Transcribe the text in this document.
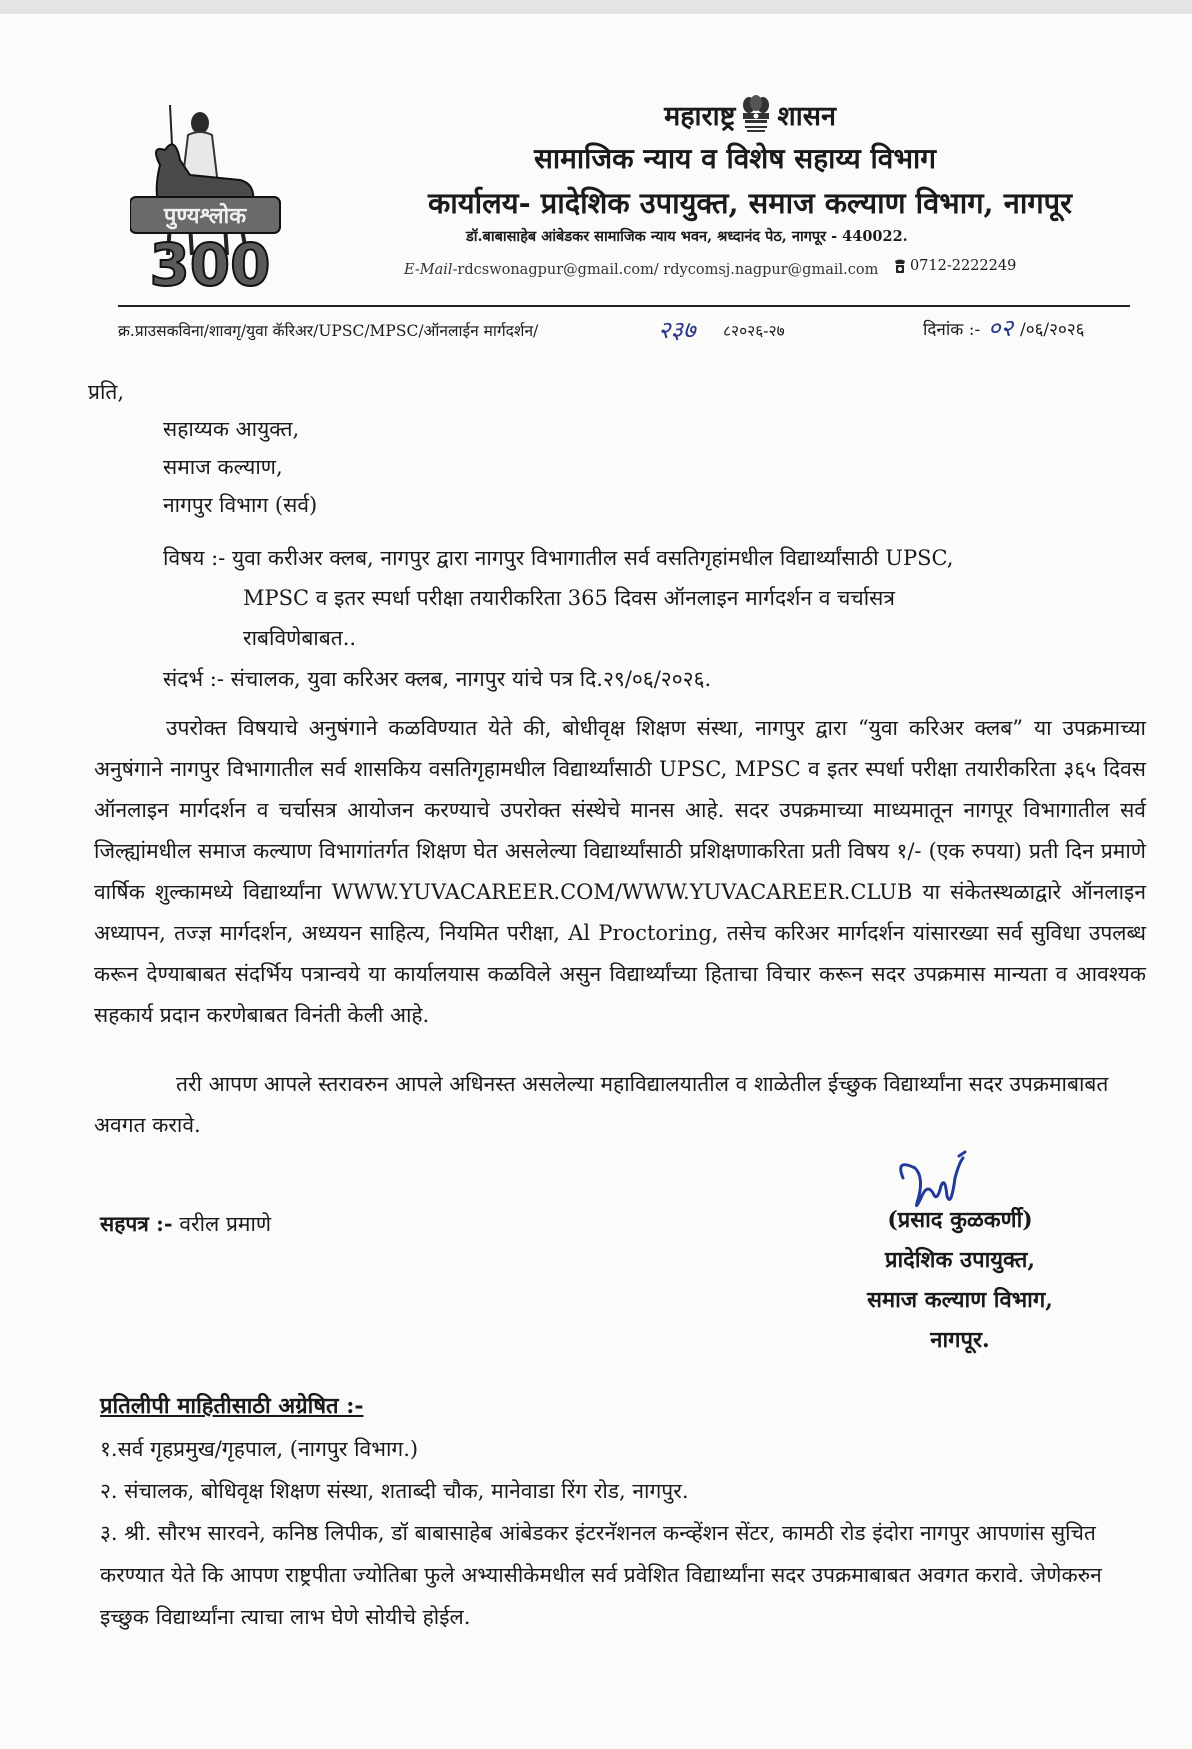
पुण्यश्लोक
300
महाराष्ट्र शासन
सामाजिक न्याय व विशेष सहाय्य विभाग
कार्यालय- प्रादेशिक उपायुक्त, समाज कल्याण विभाग, नागपूर
डॉ.बाबासाहेब आंबेडकर सामाजिक न्याय भवन, श्रध्दानंद पेठ, नागपूर - 440022.
E-Mail-rdcswonagpur@gmail.com/ rdycomsj.nagpur@gmail.com 0712-2222249
क्र.प्राउसकविना/शावगृ/युवा कॅरिअर/UPSC/MPSC/ऑनलाईन मार्गदर्शन/	२३७ ८२०२६-२७	दिनांक :- ०२ /०६/२०२६
प्रति,
सहाय्यक आयुक्त,
समाज कल्याण,
नागपुर विभाग (सर्व)
विषय :- युवा करीअर क्लब, नागपुर द्वारा नागपुर विभागातील सर्व वसतिगृहांमधील विद्यार्थ्यांसाठी UPSC,
MPSC व इतर स्पर्धा परीक्षा तयारीकरिता 365 दिवस ऑनलाइन मार्गदर्शन व चर्चासत्र
राबविणेबाबत..
संदर्भ :- संचालक, युवा करिअर क्लब, नागपुर यांचे पत्र दि.२९/०६/२०२६.
उपरोक्त विषयाचे अनुषंगाने कळविण्यात येते की, बोधीवृक्ष शिक्षण संस्था, नागपुर द्वारा “युवा करिअर क्लब” या उपक्रमाच्या अनुषंगाने नागपुर विभागातील सर्व शासकिय वसतिगृहामधील विद्यार्थ्यांसाठी UPSC, MPSC व इतर स्पर्धा परीक्षा तयारीकरिता ३६५ दिवस ऑनलाइन मार्गदर्शन व चर्चासत्र आयोजन करण्याचे उपरोक्त संस्थेचे मानस आहे. सदर उपक्रमाच्या माध्यमातून नागपूर विभागातील सर्व जिल्ह्यांमधील समाज कल्याण विभागांतर्गत शिक्षण घेत असलेल्या विद्यार्थ्यांसाठी प्रशिक्षणाकरिता प्रती विषय १/- (एक रुपया) प्रती दिन प्रमाणे वार्षिक शुल्कामध्ये विद्यार्थ्यांना WWW.YUVACAREER.COM/WWW.YUVACAREER.CLUB या संकेतस्थळाद्वारे ऑनलाइन अध्यापन, तज्ज्ञ मार्गदर्शन, अध्ययन साहित्य, नियमित परीक्षा, Al Proctoring, तसेच करिअर मार्गदर्शन यांसारख्या सर्व सुविधा उपलब्ध करून देण्याबाबत संदर्भिय पत्रान्वये या कार्यालयास कळविले असुन विद्यार्थ्यांच्या हिताचा विचार करून सदर उपक्रमास मान्यता व आवश्यक सहकार्य प्रदान करणेबाबत विनंती केली आहे.
तरी आपण आपले स्तरावरुन आपले अधिनस्त असलेल्या महाविद्यालयातील व शाळेतील ईच्छुक विद्यार्थ्यांना सदर उपक्रमाबाबत अवगत करावे.
सहपत्र :- वरील प्रमाणे	(प्रसाद कुळकर्णी)
प्रादेशिक उपायुक्त,
समाज कल्याण विभाग,
नागपूर.
प्रतिलीपी माहितीसाठी अग्रेषित :-
१.सर्व गृहप्रमुख/गृहपाल, (नागपुर विभाग.)
२. संचालक, बोधिवृक्ष शिक्षण संस्था, शताब्दी चौक, मानेवाडा रिंग रोड, नागपुर.
३. श्री. सौरभ सारवने, कनिष्ठ लिपीक, डॉ बाबासाहेब आंबेडकर इंटरनॅशनल कन्व्हेंशन सेंटर, कामठी रोड इंदोरा नागपुर आपणांस सुचित करण्यात येते कि आपण राष्ट्रपीता ज्योतिबा फुले अभ्यासीकेमधील सर्व प्रवेशित विद्यार्थ्यांना सदर उपक्रमाबाबत अवगत करावे. जेणेकरुन इच्छुक विद्यार्थ्यांना त्याचा लाभ घेणे सोयीचे होईल.
